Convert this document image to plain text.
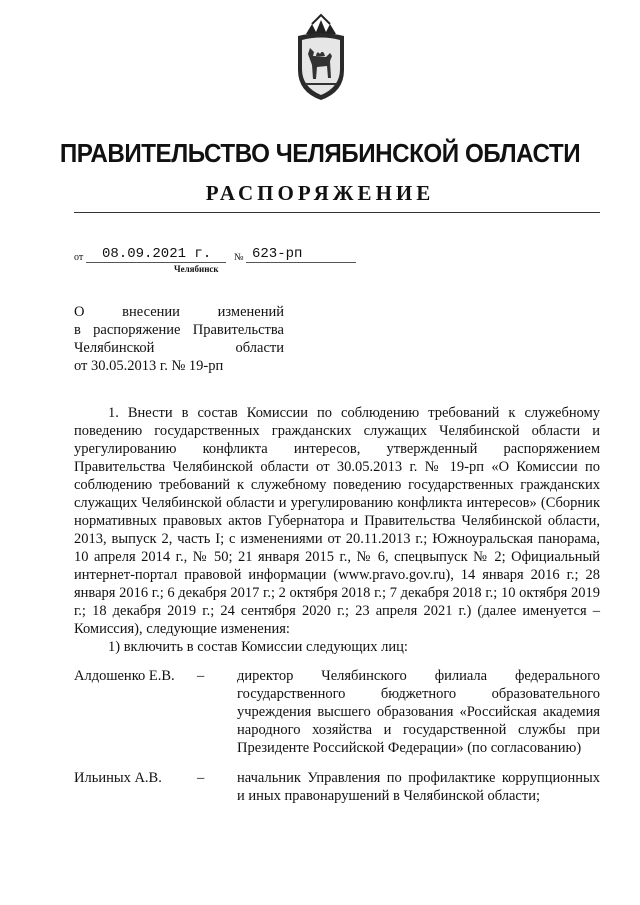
ПРАВИТЕЛЬСТВО ЧЕЛЯБИНСКОЙ ОБЛАСТИ
РАСПОРЯЖЕНИЕ
от 08.09.2021 г. № 623-рп
Челябинск
О внесении изменений
в распоряжение Правительства
Челябинской области
от 30.05.2013 г. № 19-рп

1. Внести в состав Комиссии по соблюдению требований к служебному поведению государственных гражданских служащих Челябинской области и урегулированию конфликта интересов, утвержденный распоряжением Правительства Челябинской области от 30.05.2013 г. № 19-рп «О Комиссии по соблюдению требований к служебному поведению государственных гражданских служащих Челябинской области и урегулированию конфликта интересов» (Сборник нормативных правовых актов Губернатора и Правительства Челябинской области, 2013, выпуск 2, часть I; с изменениями от 20.11.2013 г.; Южноуральская панорама, 10 апреля 2014 г., № 50; 21 января 2015 г., № 6, спецвыпуск № 2; Официальный интернет-портал правовой информации (www.pravo.gov.ru), 14 января 2016 г.; 28 января 2016 г.; 6 декабря 2017 г.; 2 октября 2018 г.; 7 декабря 2018 г.; 10 октября 2019 г.; 18 декабря 2019 г.; 24 сентября 2020 г.; 23 апреля 2021 г.) (далее именуется – Комиссия), следующие изменения:

1) включить в состав Комиссии следующих лиц:

Алдошенко Е.В.	–	директор Челябинского филиала федерального государственного бюджетного образовательного учреждения высшего образования «Российская академия народного хозяйства и государственной службы при Президенте Российской Федерации» (по согласованию)
Ильиных А.В.	–	начальник Управления по профилактике коррупционных и иных правонарушений в Челябинской области;
